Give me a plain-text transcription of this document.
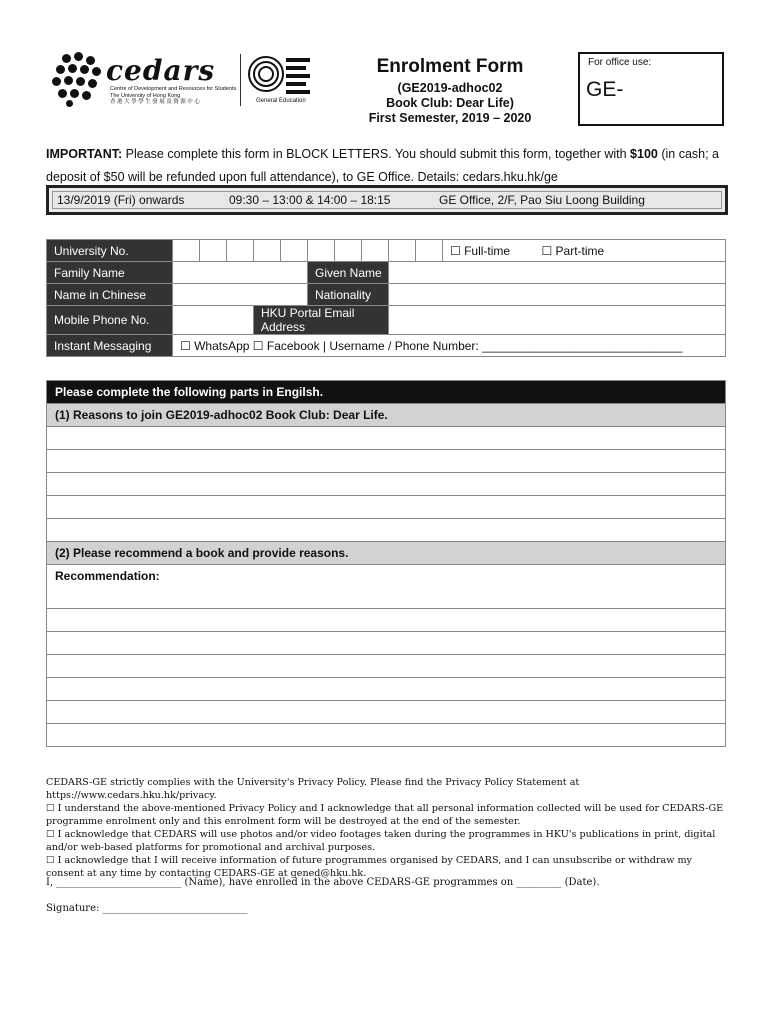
cedars
Centre of Development and Resources for Students
The University of Hong Kong
香 港 大 學 學 生 發 展 及 資 源 中 心	General Education
Enrolment Form
(GE2019-adhoc02
Book Club: Dear Life)
First Semester, 2019 – 2020
For office use:
GE-
IMPORTANT: Please complete this form in BLOCK LETTERS. You should submit this form, together with $100 (in cash; a deposit of $50 will be refunded upon full attendance), to GE Office. Details: cedars.hku.hk/ge
13/9/2019 (Fri) onwards	09:30 – 13:00 & 14:00 – 18:15	GE Office, 2/F, Pao Siu Loong Building
University No.											☐ Full-time ☐ Part-time
Family Name						Given Name					
Name in Chinese						Nationality					
Mobile Phone No.				HKU Portal Email Address							
Instant Messaging	☐ WhatsApp ☐ Facebook | Username / Phone Number: ______________________________										
Please complete the following parts in Engilsh.
(1) Reasons to join GE2019-adhoc02 Book Club: Dear Life.
(2) Please recommend a book and provide reasons.
Recommendation:

CEDARS-GE strictly complies with the University's Privacy Policy. Please find the Privacy Policy Statement at https://www.cedars.hku.hk/privacy.

☐ I understand the above-mentioned Privacy Policy and I acknowledge that all personal information collected will be used for CEDARS-GE programme enrolment only and this enrolment form will be destroyed at the end of the semester.

☐ I acknowledge that CEDARS will use photos and/or video footages taken during the programmes in HKU's publications in print, digital and/or web-based platforms for promotional and archival purposes.

☐ I acknowledge that I will receive information of future programmes organised by CEDARS, and I can unsubscribe or withdraw my consent at any time by contacting CEDARS-GE at gened@hku.hk.

I, _________________________ (Name), have enrolled in the above CEDARS-GE programmes on _________ (Date).
Signature: _____________________________
